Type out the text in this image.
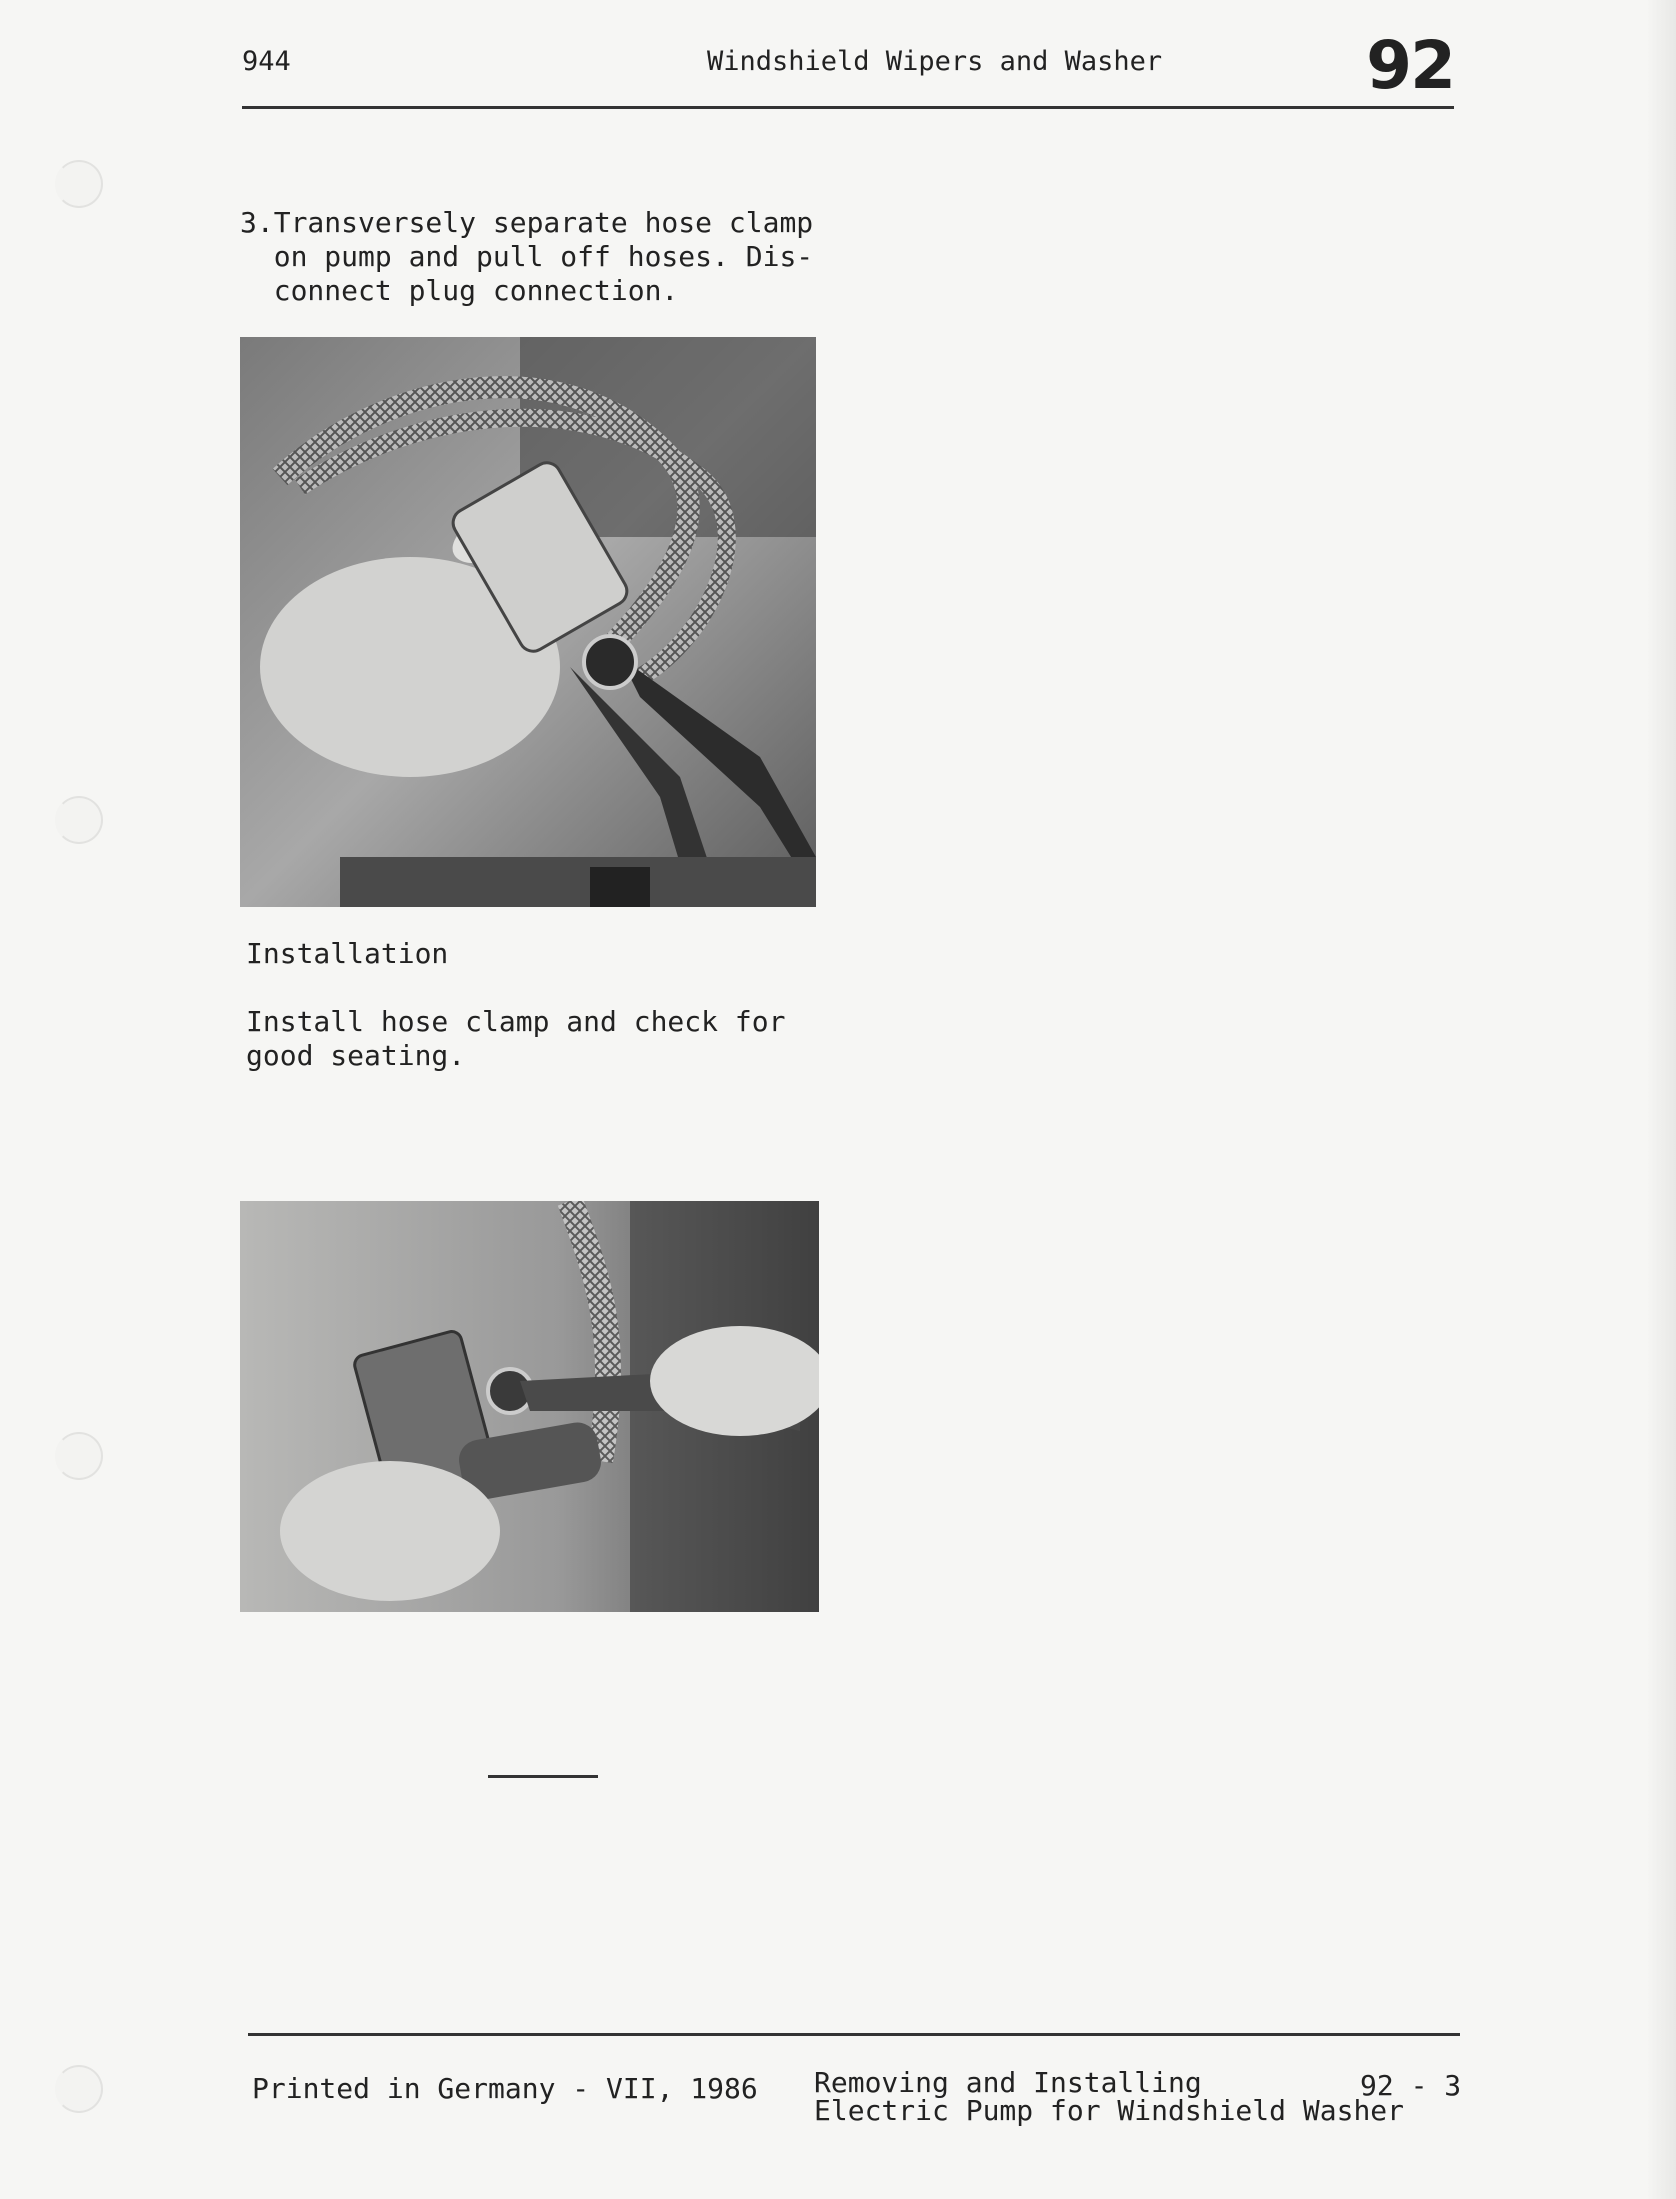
944	Windshield Wipers and Washer	92
3.Transversely separate hose clamp
on pump and pull off hoses. Dis-
connect plug connection.
Installation
Install hose clamp and check for
good seating.
Printed in Germany - VII, 1986 Removing and Installing
Electric Pump for Windshield Washer
92 - 3
